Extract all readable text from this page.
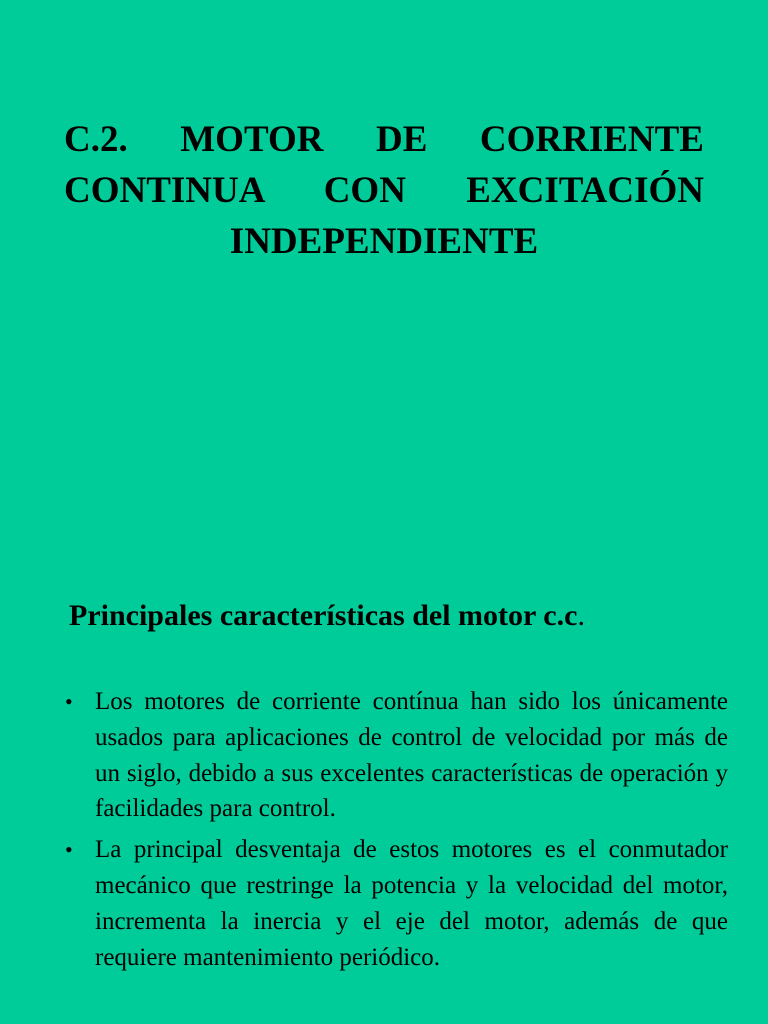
C.2. MOTOR DE CORRIENTE
CONTINUA CON EXCITACIÓN
INDEPENDIENTE
Principales características del motor c.c.
• Los motores de corriente contínua han sido los únicamente usados para aplicaciones de control de velocidad por más de un siglo, debido a sus excelentes características de operación y facilidades para control.
• La principal desventaja de estos motores es el conmutador mecánico que restringe la potencia y la velocidad del motor, incrementa la inercia y el eje del motor, además de que requiere mantenimiento periódico.
